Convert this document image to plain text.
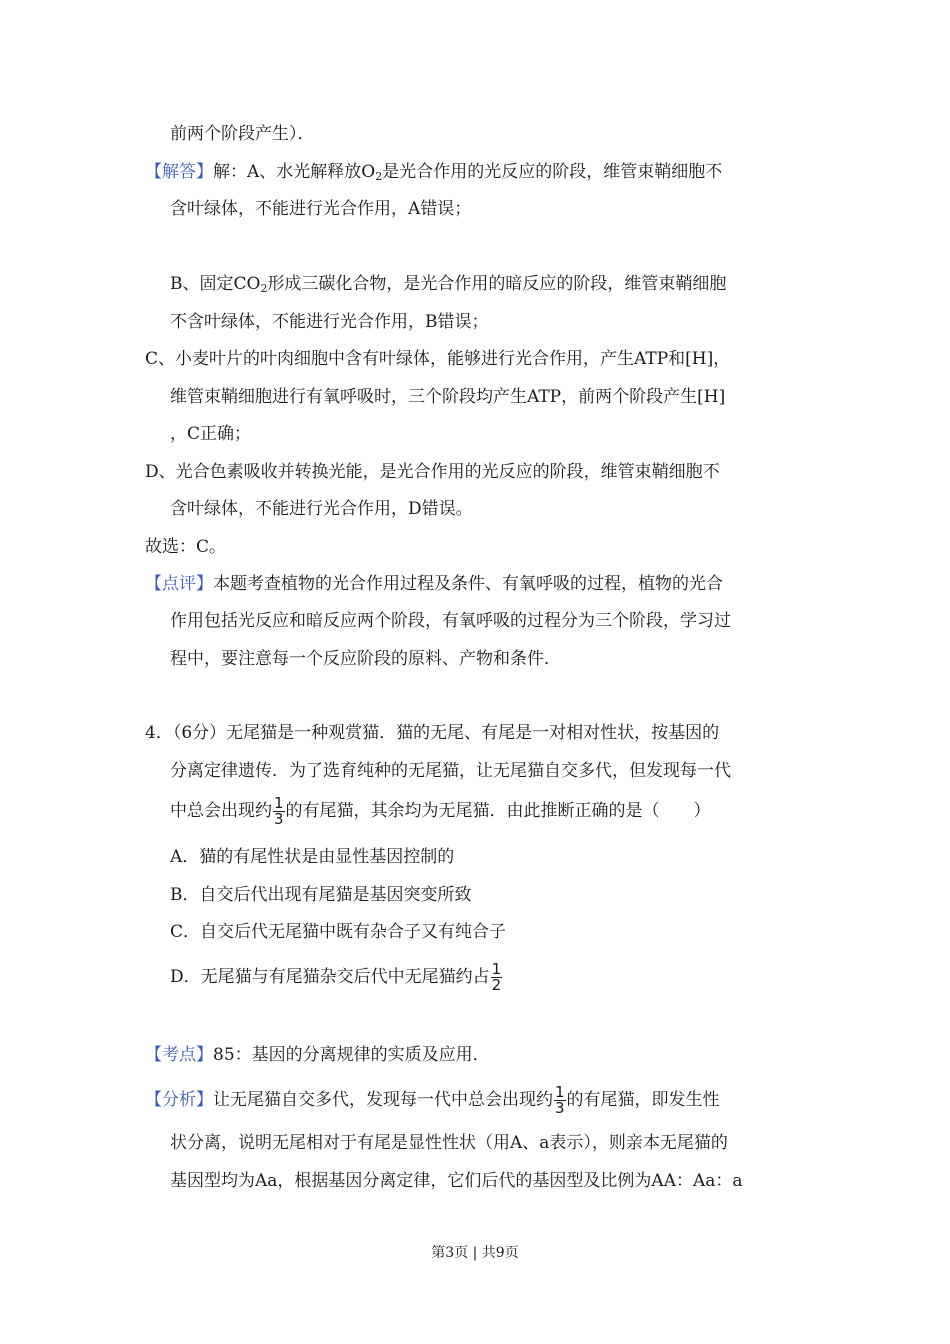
前两个阶段产生）．
【解答】解：A、水光解释放$O_2$是光合作用的光反应的阶段，维管束鞘细胞不
含叶绿体，不能进行光合作用，A错误；
B、固定$CO_2$形成三碳化合物，是光合作用的暗反应的阶段，维管束鞘细胞
不含叶绿体，不能进行光合作用，B错误；
C、小麦叶片的叶肉细胞中含有叶绿体，能够进行光合作用，产生ATP和[H]，
维管束鞘细胞进行有氧呼吸时，三个阶段均产生ATP，前两个阶段产生[H]
，C正确；
D、光合色素吸收并转换光能，是光合作用的光反应的阶段，维管束鞘细胞不
含叶绿体，不能进行光合作用，D错误。
故选：C。
【点评】本题考查植物的光合作用过程及条件、有氧呼吸的过程，植物的光合
作用包括光反应和暗反应两个阶段，有氧呼吸的过程分为三个阶段，学习过
程中，要注意每一个反应阶段的原料、产物和条件．
4．（6分）无尾猫是一种观赏猫．猫的无尾、有尾是一对相对性状，按基因的
分离定律遗传．为了选育纯种的无尾猫，让无尾猫自交多代，但发现每一代
中总会出现约 $\frac{1}{3}$ 的有尾猫，其余均为无尾猫．由此推断正确的是（　　）
A．猫的有尾性状是由显性基因控制的
B．自交后代出现有尾猫是基因突变所致
C．自交后代无尾猫中既有杂合子又有纯合子
D．无尾猫与有尾猫杂交后代中无尾猫约占 $\frac{1}{2}$
【考点】85：基因的分离规律的实质及应用．
【分析】让无尾猫自交多代，发现每一代中总会出现约 $\frac{1}{3}$ 的有尾猫，即发生性
状分离，说明无尾相对于有尾是显性性状（用A、a表示），则亲本无尾猫的
基因型均为Aa，根据基因分离定律，它们后代的基因型及比例为AA：Aa：a
第3页 | 共9页
